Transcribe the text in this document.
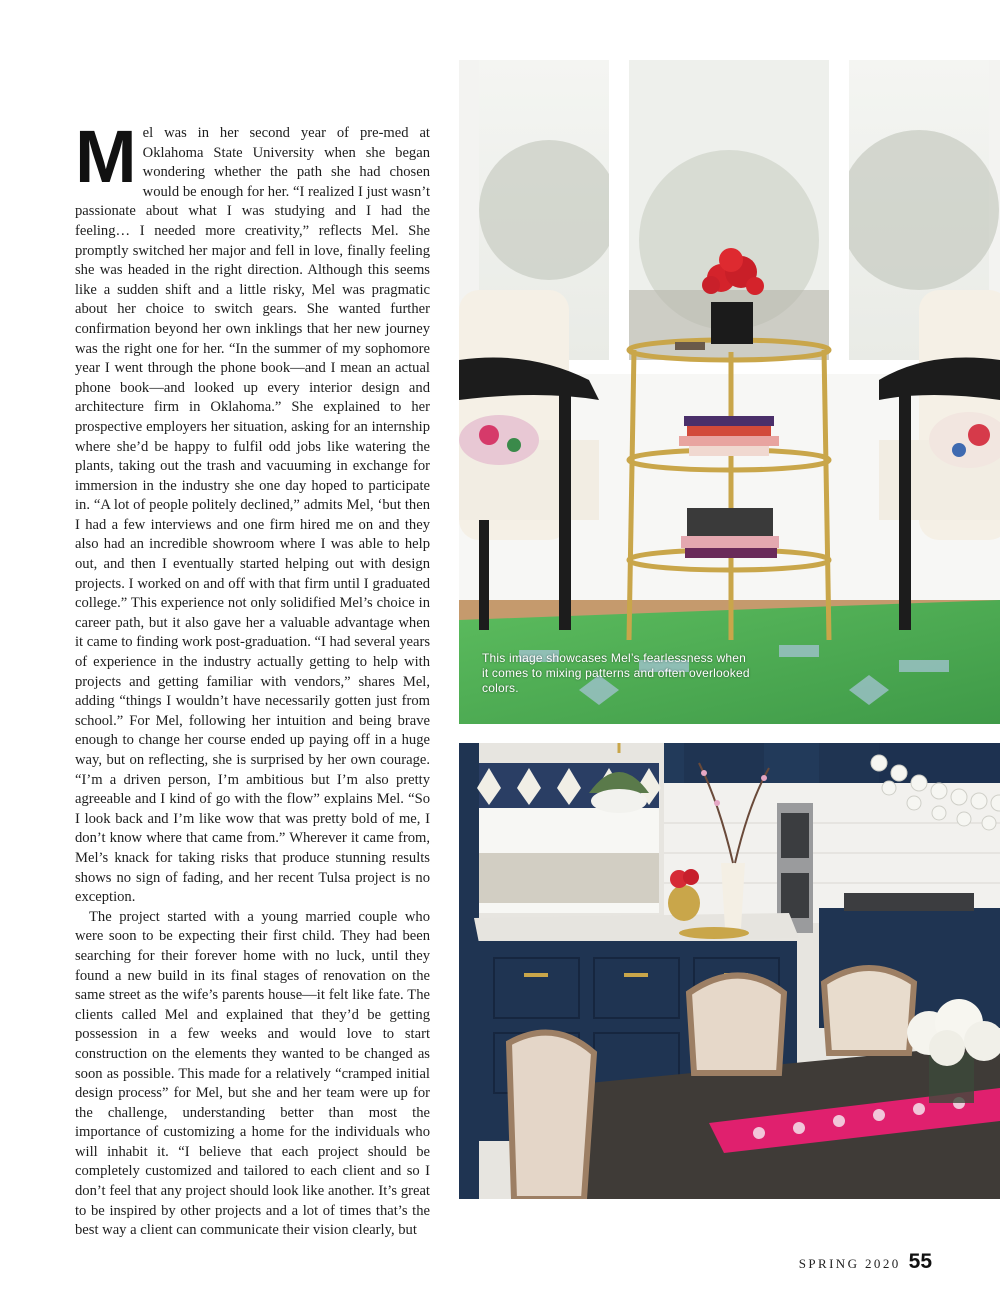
Mel was in her second year of pre-med at Oklahoma State University when she began wondering whether the path she had chosen would be enough for her. “I realized I just wasn’t passionate about what I was studying and I had the feeling… I needed more creativity,” reflects Mel. She promptly switched her major and fell in love, finally feeling she was headed in the right direction. Although this seems like a sudden shift and a little risky, Mel was pragmatic about her choice to switch gears. She wanted further confirmation beyond her own inklings that her new journey was the right one for her. “In the summer of my sophomore year I went through the phone book—and I mean an actual phone book—and looked up every interior design and architecture firm in Oklahoma.” She explained to her prospective employers her situation, asking for an internship where she’d be happy to fulfil odd jobs like watering the plants, taking out the trash and vacuuming in exchange for immersion in the industry she one day hoped to participate in. “A lot of people politely declined,” admits Mel, ‘but then I had a few interviews and one firm hired me on and they also had an incredible showroom where I was able to help out, and then I eventually started helping out with design projects. I worked on and off with that firm until I graduated college.” This experience not only solidified Mel’s choice in career path, but it also gave her a valuable advantage when it came to finding work post-graduation. “I had several years of experience in the industry actually getting to help with projects and getting familiar with vendors,” shares Mel, adding “things I wouldn’t have necessarily gotten just from school.” For Mel, following her intuition and being brave enough to change her course ended up paying off in a huge way, but on reflecting, she is surprised by her own courage. “I’m a driven person, I’m ambitious but I’m also pretty agreeable and I kind of go with the flow” explains Mel. “So I look back and I’m like wow that was pretty bold of me, I don’t know where that came from.” Wherever it came from, Mel’s knack for taking risks that produce stunning results shows no sign of fading, and her recent Tulsa project is no exception.

The project started with a young married couple who were soon to be expecting their first child. They had been searching for their forever home with no luck, until they found a new build in its final stages of renovation on the same street as the wife’s parents house—it felt like fate. The clients called Mel and explained that they’d be getting possession in a few weeks and would love to start construction on the elements they wanted to be changed as soon as possible. This made for a relatively “cramped initial design process” for Mel, but she and her team were up for the challenge, understanding better than most the importance of customizing a home for the individuals who will inhabit it. “I believe that each project should be completely customized and tailored to each client and so I don’t feel that any project should look like another. It’s great to be inspired by other projects and a lot of times that’s the best way a client can communicate their vision clearly, but

This image showcases Mel’s fearlessness when it comes to mixing patterns and often overlooked colors.
SPRING 2020 55
